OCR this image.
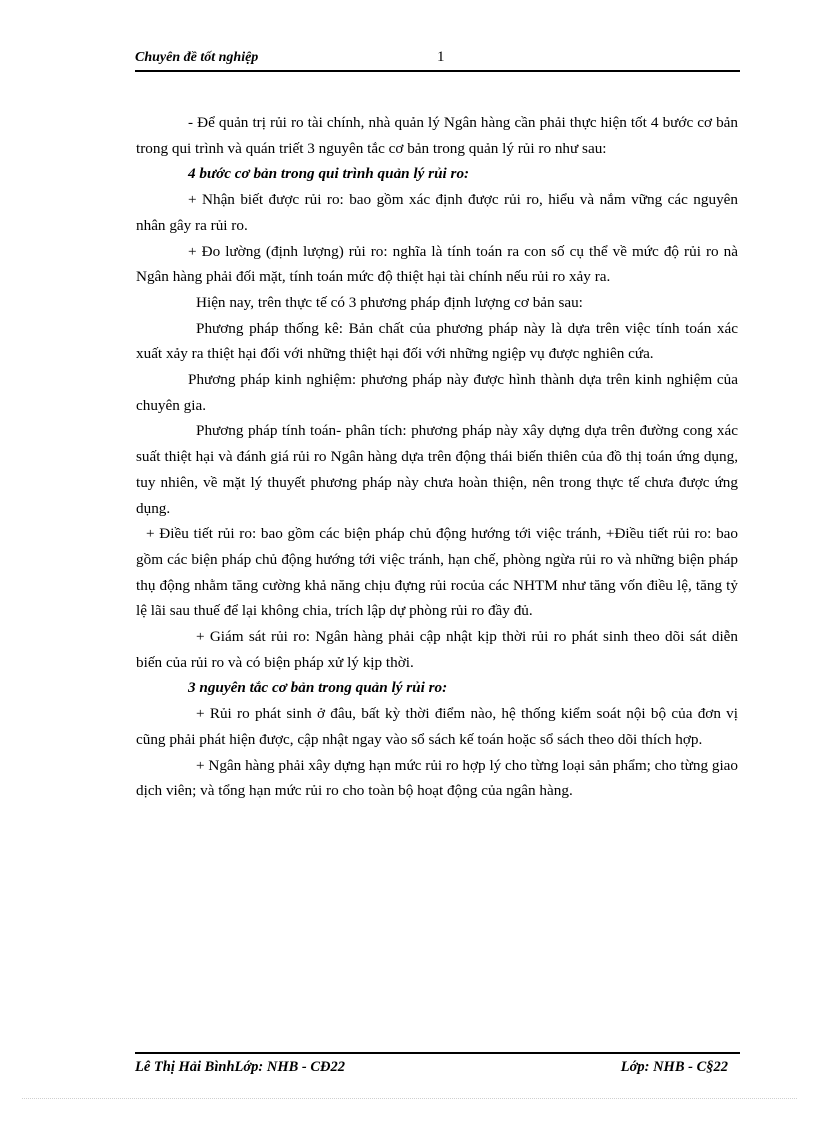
Chuyên đề tốt nghiệp	1

- Để quản trị rủi ro tài chính, nhà quản lý Ngân hàng cần phải thực hiện tốt 4 bước cơ bản trong qui trình và quán triết 3 nguyên tắc cơ bản trong quản lý rủi ro như sau:

4 bước cơ bản trong qui trình quản lý rủi ro:

+ Nhận biết được rủi ro: bao gồm xác định được rủi ro, hiểu và nắm vững các nguyên nhân gây ra rủi ro.

+ Đo lường (định lượng) rủi ro: nghĩa là tính toán ra con số cụ thể về mức độ rủi ro nà Ngân hàng phải đối mặt, tính toán mức độ thiệt hại tài chính nếu rủi ro xảy ra.

Hiện nay, trên thực tế có 3 phương pháp định lượng cơ bản sau:

Phương pháp thống kê: Bản chất của phương pháp này là dựa trên việc tính toán xác xuất xảy ra thiệt hại đối với những thiệt hại đối với những ngiệp vụ được nghiên cứa.

Phương pháp kinh nghiệm: phương pháp này được hình thành dựa trên kinh nghiệm của chuyên gia.

Phương pháp tính toán- phân tích: phương pháp này xây dựng dựa trên đường cong xác suất thiệt hại và đánh giá rủi ro Ngân hàng dựa trên động thái biến thiên của đồ thị toán ứng dụng, tuy nhiên, về mặt lý thuyết phương pháp này chưa hoàn thiện, nên trong thực tế chưa được ứng dụng.

+ Điều tiết rủi ro: bao gồm các biện pháp chủ động hướng tới việc tránh, +Điều tiết rủi ro: bao gồm các biện pháp chủ động hướng tới việc tránh, hạn chế, phòng ngừa rủi ro và những biện pháp thụ động nhằm tăng cường khả năng chịu đựng rủi rocủa các NHTM như tăng vốn điều lệ, tăng tỷ lệ lãi sau thuế để lại không chia, trích lập dự phòng rủi ro đầy đủ.

+ Giám sát rủi ro: Ngân hàng phải cập nhật kịp thời rủi ro phát sinh theo dõi sát diễn biến của rủi ro và có biện pháp xử lý kịp thời.

3 nguyên tắc cơ bản trong quản lý rủi ro:

+ Rủi ro phát sinh ở đâu, bất kỳ thời điểm nào, hệ thống kiểm soát nội bộ của đơn vị cũng phải phát hiện được, cập nhật ngay vào sổ sách kế toán hoặc sổ sách theo dõi thích hợp.

+ Ngân hàng phải xây dựng hạn mức rủi ro hợp lý cho từng loại sản phẩm; cho từng giao dịch viên; và tổng hạn mức rủi ro cho toàn bộ hoạt động của ngân hàng.

Lê Thị Hải BìnhLớp: NHB - CĐ22	Lớp: NHB - C§22
